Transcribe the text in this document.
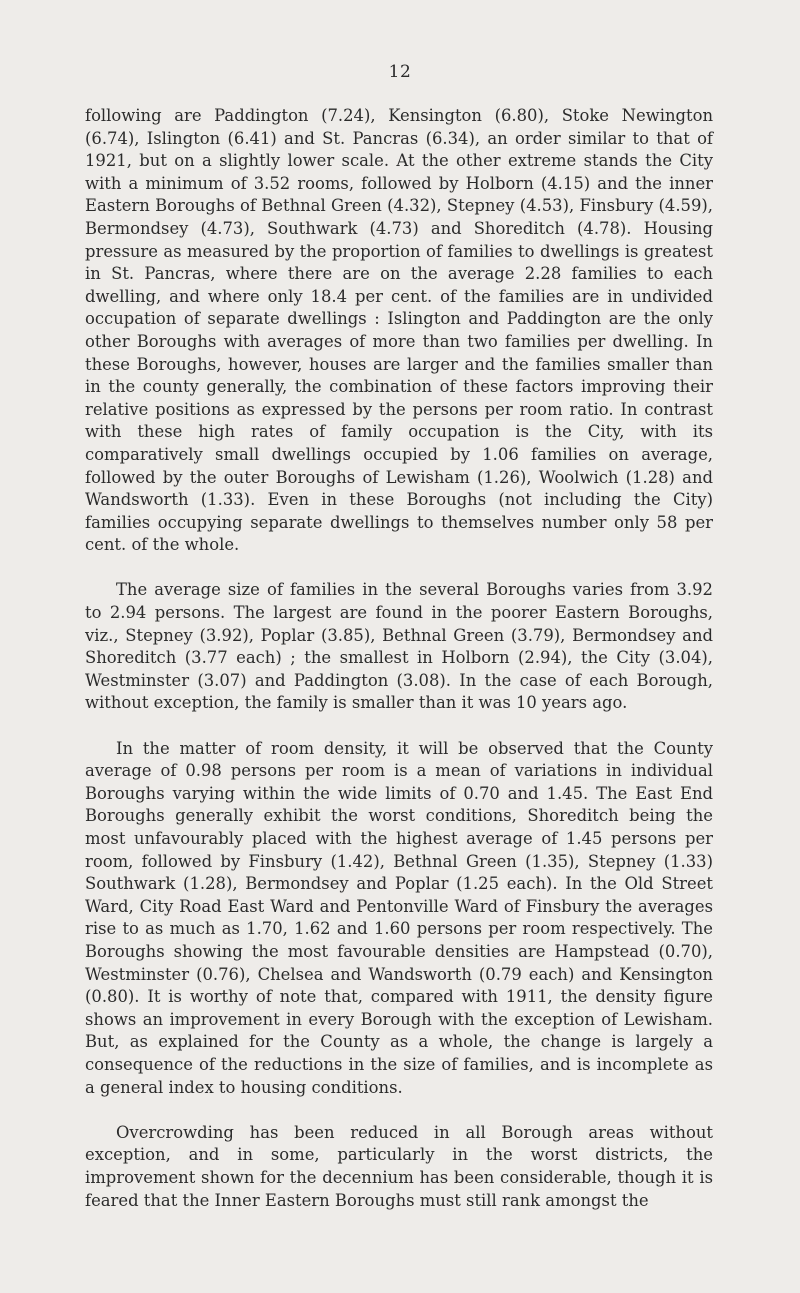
12

following are Paddington (7.24), Kensington (6.80), Stoke Newington (6.74), Islington (6.41) and St. Pancras (6.34), an order similar to that of 1921, but on a slightly lower scale. At the other extreme stands the City with a minimum of 3.52 rooms, followed by Holborn (4.15) and the inner Eastern Boroughs of Bethnal Green (4.32), Stepney (4.53), Finsbury (4.59), Bermondsey (4.73), Southwark (4.73) and Shoreditch (4.78). Housing pressure as measured by the proportion of families to dwellings is greatest in St. Pancras, where there are on the average 2.28 families to each dwelling, and where only 18.4 per cent. of the families are in undivided occupation of separate dwellings : Islington and Paddington are the only other Boroughs with averages of more than two families per dwelling. In these Boroughs, however, houses are larger and the families smaller than in the county generally, the combination of these factors improving their relative positions as expressed by the persons per room ratio. In contrast with these high rates of family occupation is the City, with its comparatively small dwellings occupied by 1.06 families on average, followed by the outer Boroughs of Lewisham (1.26), Woolwich (1.28) and Wandsworth (1.33). Even in these Boroughs (not including the City) families occupying separate dwellings to themselves number only 58 per cent. of the whole.

The average size of families in the several Boroughs varies from 3.92 to 2.94 persons. The largest are found in the poorer Eastern Boroughs, viz., Stepney (3.92), Poplar (3.85), Bethnal Green (3.79), Bermondsey and Shoreditch (3.77 each) ; the smallest in Holborn (2.94), the City (3.04), Westminster (3.07) and Paddington (3.08). In the case of each Borough, without exception, the family is smaller than it was 10 years ago.

In the matter of room density, it will be observed that the County average of 0.98 persons per room is a mean of variations in individual Boroughs varying within the wide limits of 0.70 and 1.45. The East End Boroughs generally exhibit the worst conditions, Shoreditch being the most unfavourably placed with the highest average of 1.45 persons per room, followed by Finsbury (1.42), Bethnal Green (1.35), Stepney (1.33) Southwark (1.28), Bermondsey and Poplar (1.25 each). In the Old Street Ward, City Road East Ward and Pentonville Ward of Finsbury the averages rise to as much as 1.70, 1.62 and 1.60 persons per room respectively. The Boroughs showing the most favourable densities are Hampstead (0.70), Westminster (0.76), Chelsea and Wandsworth (0.79 each) and Kensington (0.80). It is worthy of note that, compared with 1911, the density figure shows an improvement in every Borough with the exception of Lewisham. But, as explained for the County as a whole, the change is largely a consequence of the reductions in the size of families, and is incomplete as a general index to housing conditions.

Overcrowding has been reduced in all Borough areas without exception, and in some, particularly in the worst districts, the improvement shown for the decennium has been considerable, though it is feared that the Inner Eastern Boroughs must still rank amongst the
